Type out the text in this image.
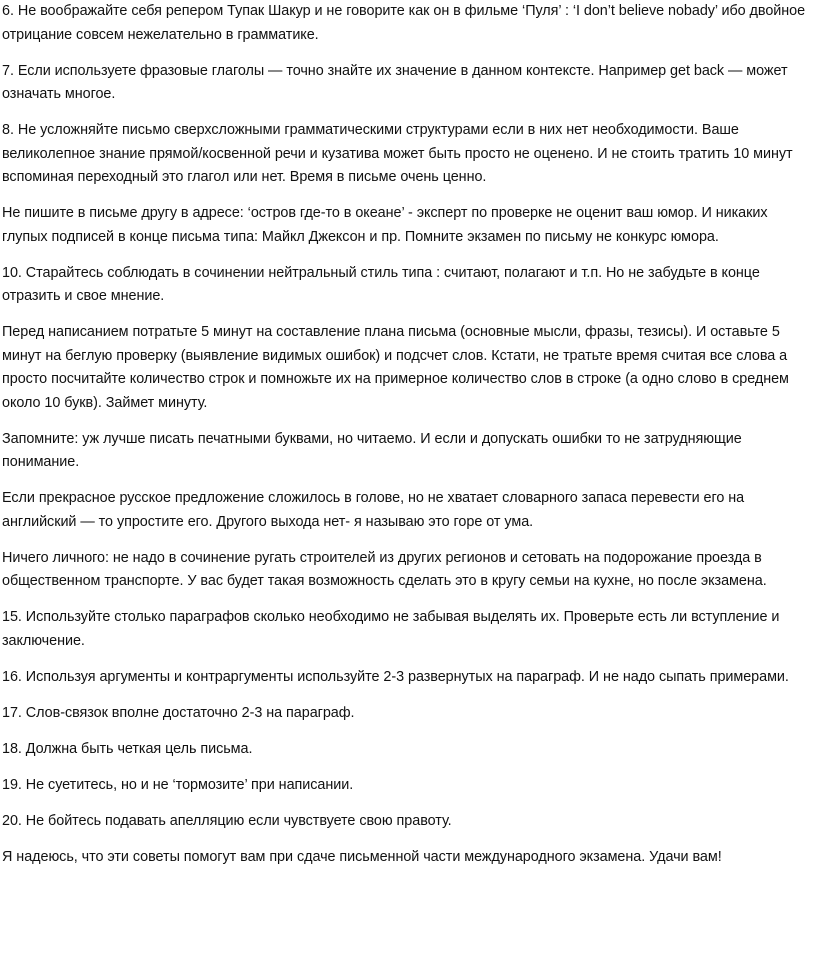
6. Не воображайте себя репером Тупак Шакур и не говорите как он в фильме ‘Пуля’ : ‘I don’t believe nobady’ ибо двойное отрицание совсем нежелательно в грамматике.

7. Если используете фразовые глаголы — точно знайте их значение в данном контексте. Например get back — может означать многое.

8. Не усложняйте письмо сверхсложными грамматическими структурами если в них нет необходимости. Ваше великолепное знание прямой/косвенной речи и кузатива может быть просто не оценено. И не стоить тратить 10 минут вспоминая переходный это глагол или нет. Время в письме очень ценно.

Не пишите в письме другу в адресе: ‘остров где-то в океане’ - эксперт по проверке не оценит ваш юмор. И никаких глупых подписей в конце письма типа: Майкл Джексон и пр. Помните экзамен по письму не конкурс юмора.

10. Старайтесь соблюдать в сочинении нейтральный стиль типа : считают, полагают и т.п. Но не забудьте в конце отразить и свое мнение.

Перед написанием потратьте 5 минут на составление плана письма (основные мысли, фразы, тезисы). И оставьте 5 минут на беглую проверку (выявление видимых ошибок) и подсчет слов. Кстати, не тратьте время считая все слова а просто посчитайте количество строк и помножьте их на примерное количество слов в строке (а одно слово в среднем около 10 букв). Займет минуту.

Запомните: уж лучше писать печатными буквами, но читаемо. И если и допускать ошибки то не затрудняющие понимание.

Если прекрасное русское предложение сложилось в голове, но не хватает словарного запаса перевести его на английский — то упростите его. Другого выхода нет- я называю это горе от ума.

Ничего личного: не надо в сочинение ругать строителей из других регионов и сетовать на подорожание проезда в общественном транспорте. У вас будет такая возможность сделать это в кругу семьи на кухне, но после экзамена.

15. Используйте столько параграфов сколько необходимо не забывая выделять их. Проверьте есть ли вступление и заключение.

16. Используя аргументы и контраргументы используйте 2-3 развернутых на параграф. И не надо сыпать примерами.

17. Слов-связок вполне достаточно 2-3 на параграф.

18. Должна быть четкая цель письма.

19. Не суетитесь, но и не ‘тормозите’ при написании.

20. Не бойтесь подавать апелляцию если чувствуете свою правоту.

Я надеюсь, что эти советы помогут вам при сдаче письменной части международного экзамена. Удачи вам!
